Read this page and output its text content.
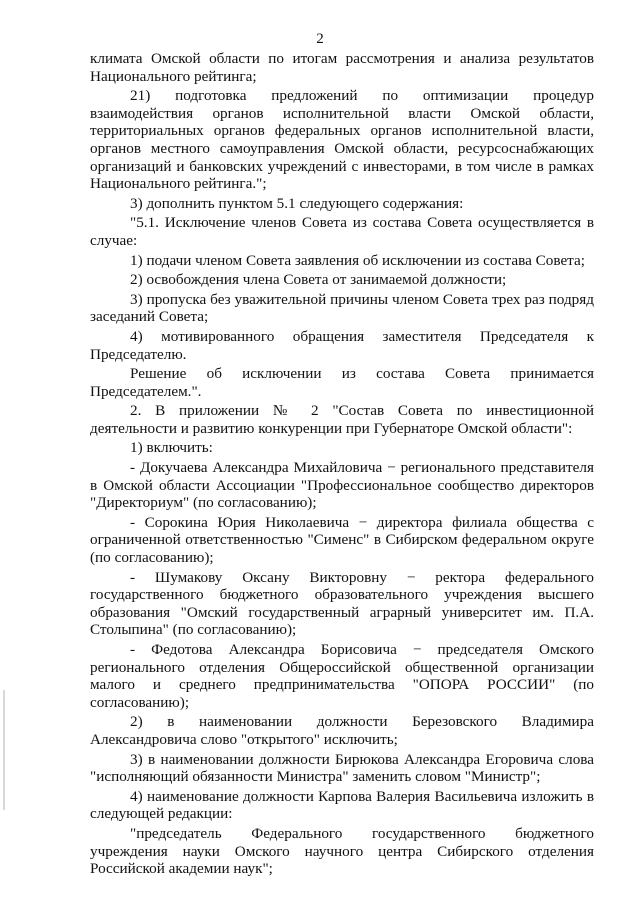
2

климата Омской области по итогам рассмотрения и анализа результатов Национального рейтинга;

21) подготовка предложений по оптимизации процедур взаимодействия органов исполнительной власти Омской области, территориальных органов федеральных органов исполнительной власти, органов местного самоуправления Омской области, ресурсоснабжающих организаций и банковских учреждений с инвесторами, в том числе в рамках Национального рейтинга.";

3) дополнить пунктом 5.1 следующего содержания:

"5.1. Исключение членов Совета из состава Совета осуществляется в случае:

1) подачи членом Совета заявления об исключении из состава Совета;

2) освобождения члена Совета от занимаемой должности;

3) пропуска без уважительной причины членом Совета трех раз подряд заседаний Совета;

4) мотивированного обращения заместителя Председателя к Председателю.

Решение об исключении из состава Совета принимается Председателем.".

2. В приложении № 2 "Состав Совета по инвестиционной деятельности и развитию конкуренции при Губернаторе Омской области":

1) включить:

- Докучаева Александра Михайловича − регионального представителя в Омской области Ассоциации "Профессиональное сообщество директоров "Директориум" (по согласованию);

- Сорокина Юрия Николаевича − директора филиала общества с ограниченной ответственностью "Сименс" в Сибирском федеральном округе (по согласованию);

- Шумакову Оксану Викторовну − ректора федерального государственного бюджетного образовательного учреждения высшего образования "Омский государственный аграрный университет им. П.А. Столыпина" (по согласованию);

- Федотова Александра Борисовича − председателя Омского регионального отделения Общероссийской общественной организации малого и среднего предпринимательства "ОПОРА РОССИИ" (по согласованию);

2) в наименовании должности Березовского Владимира Александровича слово "открытого" исключить;

3) в наименовании должности Бирюкова Александра Егоровича слова "исполняющий обязанности Министра" заменить словом "Министр";

4) наименование должности Карпова Валерия Васильевича изложить в следующей редакции:

"председатель Федерального государственного бюджетного учреждения науки Омского научного центра Сибирского отделения Российской академии наук";
